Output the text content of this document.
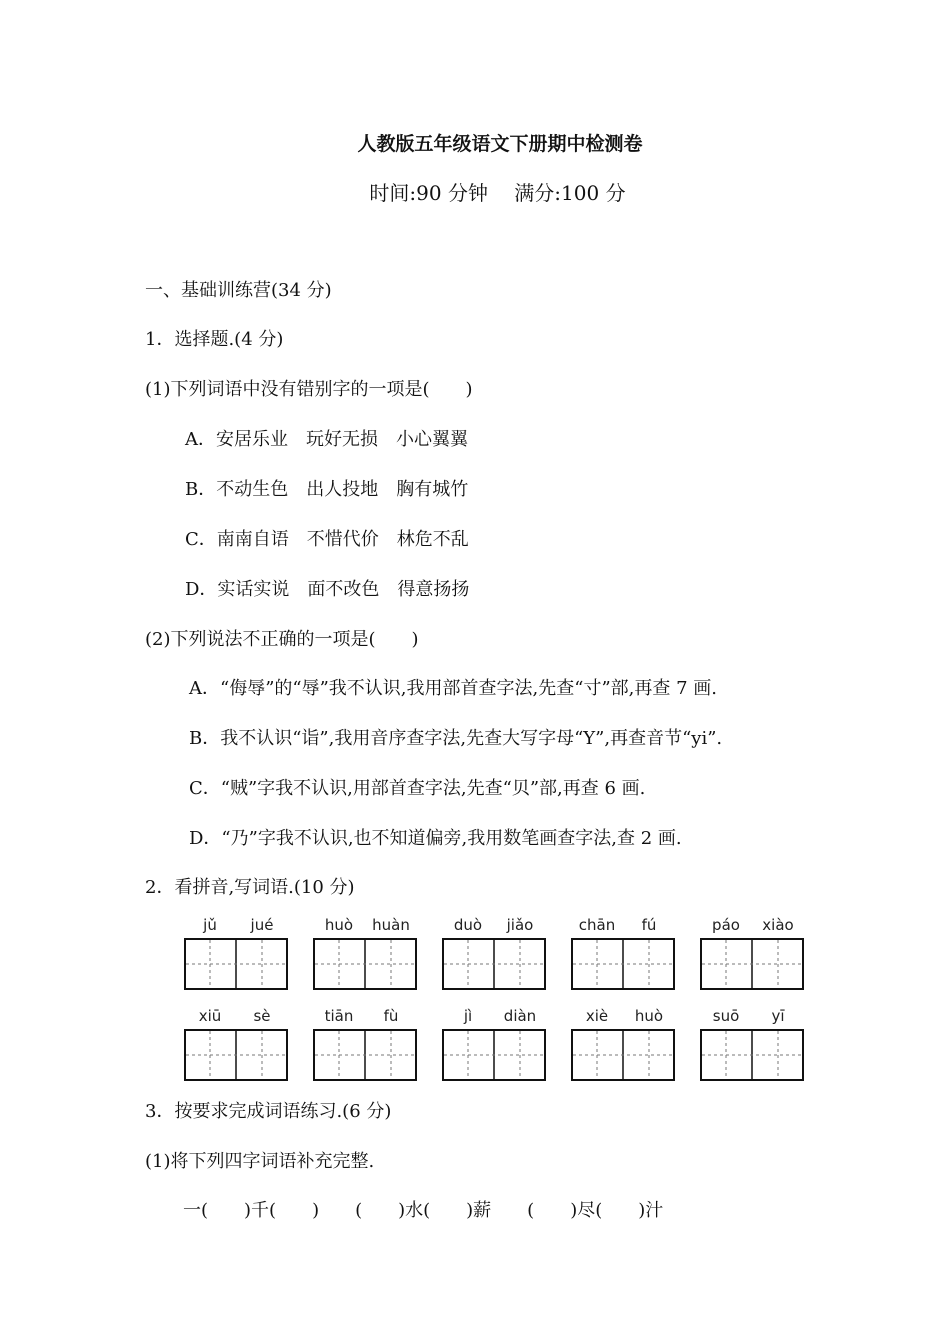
人教版五年级语文下册期中检测卷
时间:90 分钟　 满分:100 分
一、基础训练营(34 分)
1．选择题.(4 分)
(1)下列词语中没有错别字的一项是(　　)
A．安居乐业　玩好无损　小心翼翼
B．不动生色　出人投地　胸有城竹
C．南南自语　不惜代价　林危不乱
D．实话实说　面不改色　得意扬扬
(2)下列说法不正确的一项是(　　)
A．“侮辱”的“辱”我不认识,我用部首查字法,先查“寸”部,再查 7 画.
B．我不认识“诣”,我用音序查字法,先查大写字母“Y”,再查音节“yi”.
C．“贼”字我不认识,用部首查字法,先查“贝”部,再查 6 画.
D．“乃”字我不认识,也不知道偏旁,我用数笔画查字法,查 2 画.
2．看拼音,写词语.(10 分)
jǔ	jué	huò	huàn	duò	jiǎo	chān	fú	páo	xiào
xiū	sè	tiān	fù	jì	diàn	xiè	huò	suō	yī
3．按要求完成词语练习.(6 分)
(1)将下列四字词语补充完整.
一(　　)千(　　)　　(　　)水(　　)薪　　(　　)尽(　　)汁
